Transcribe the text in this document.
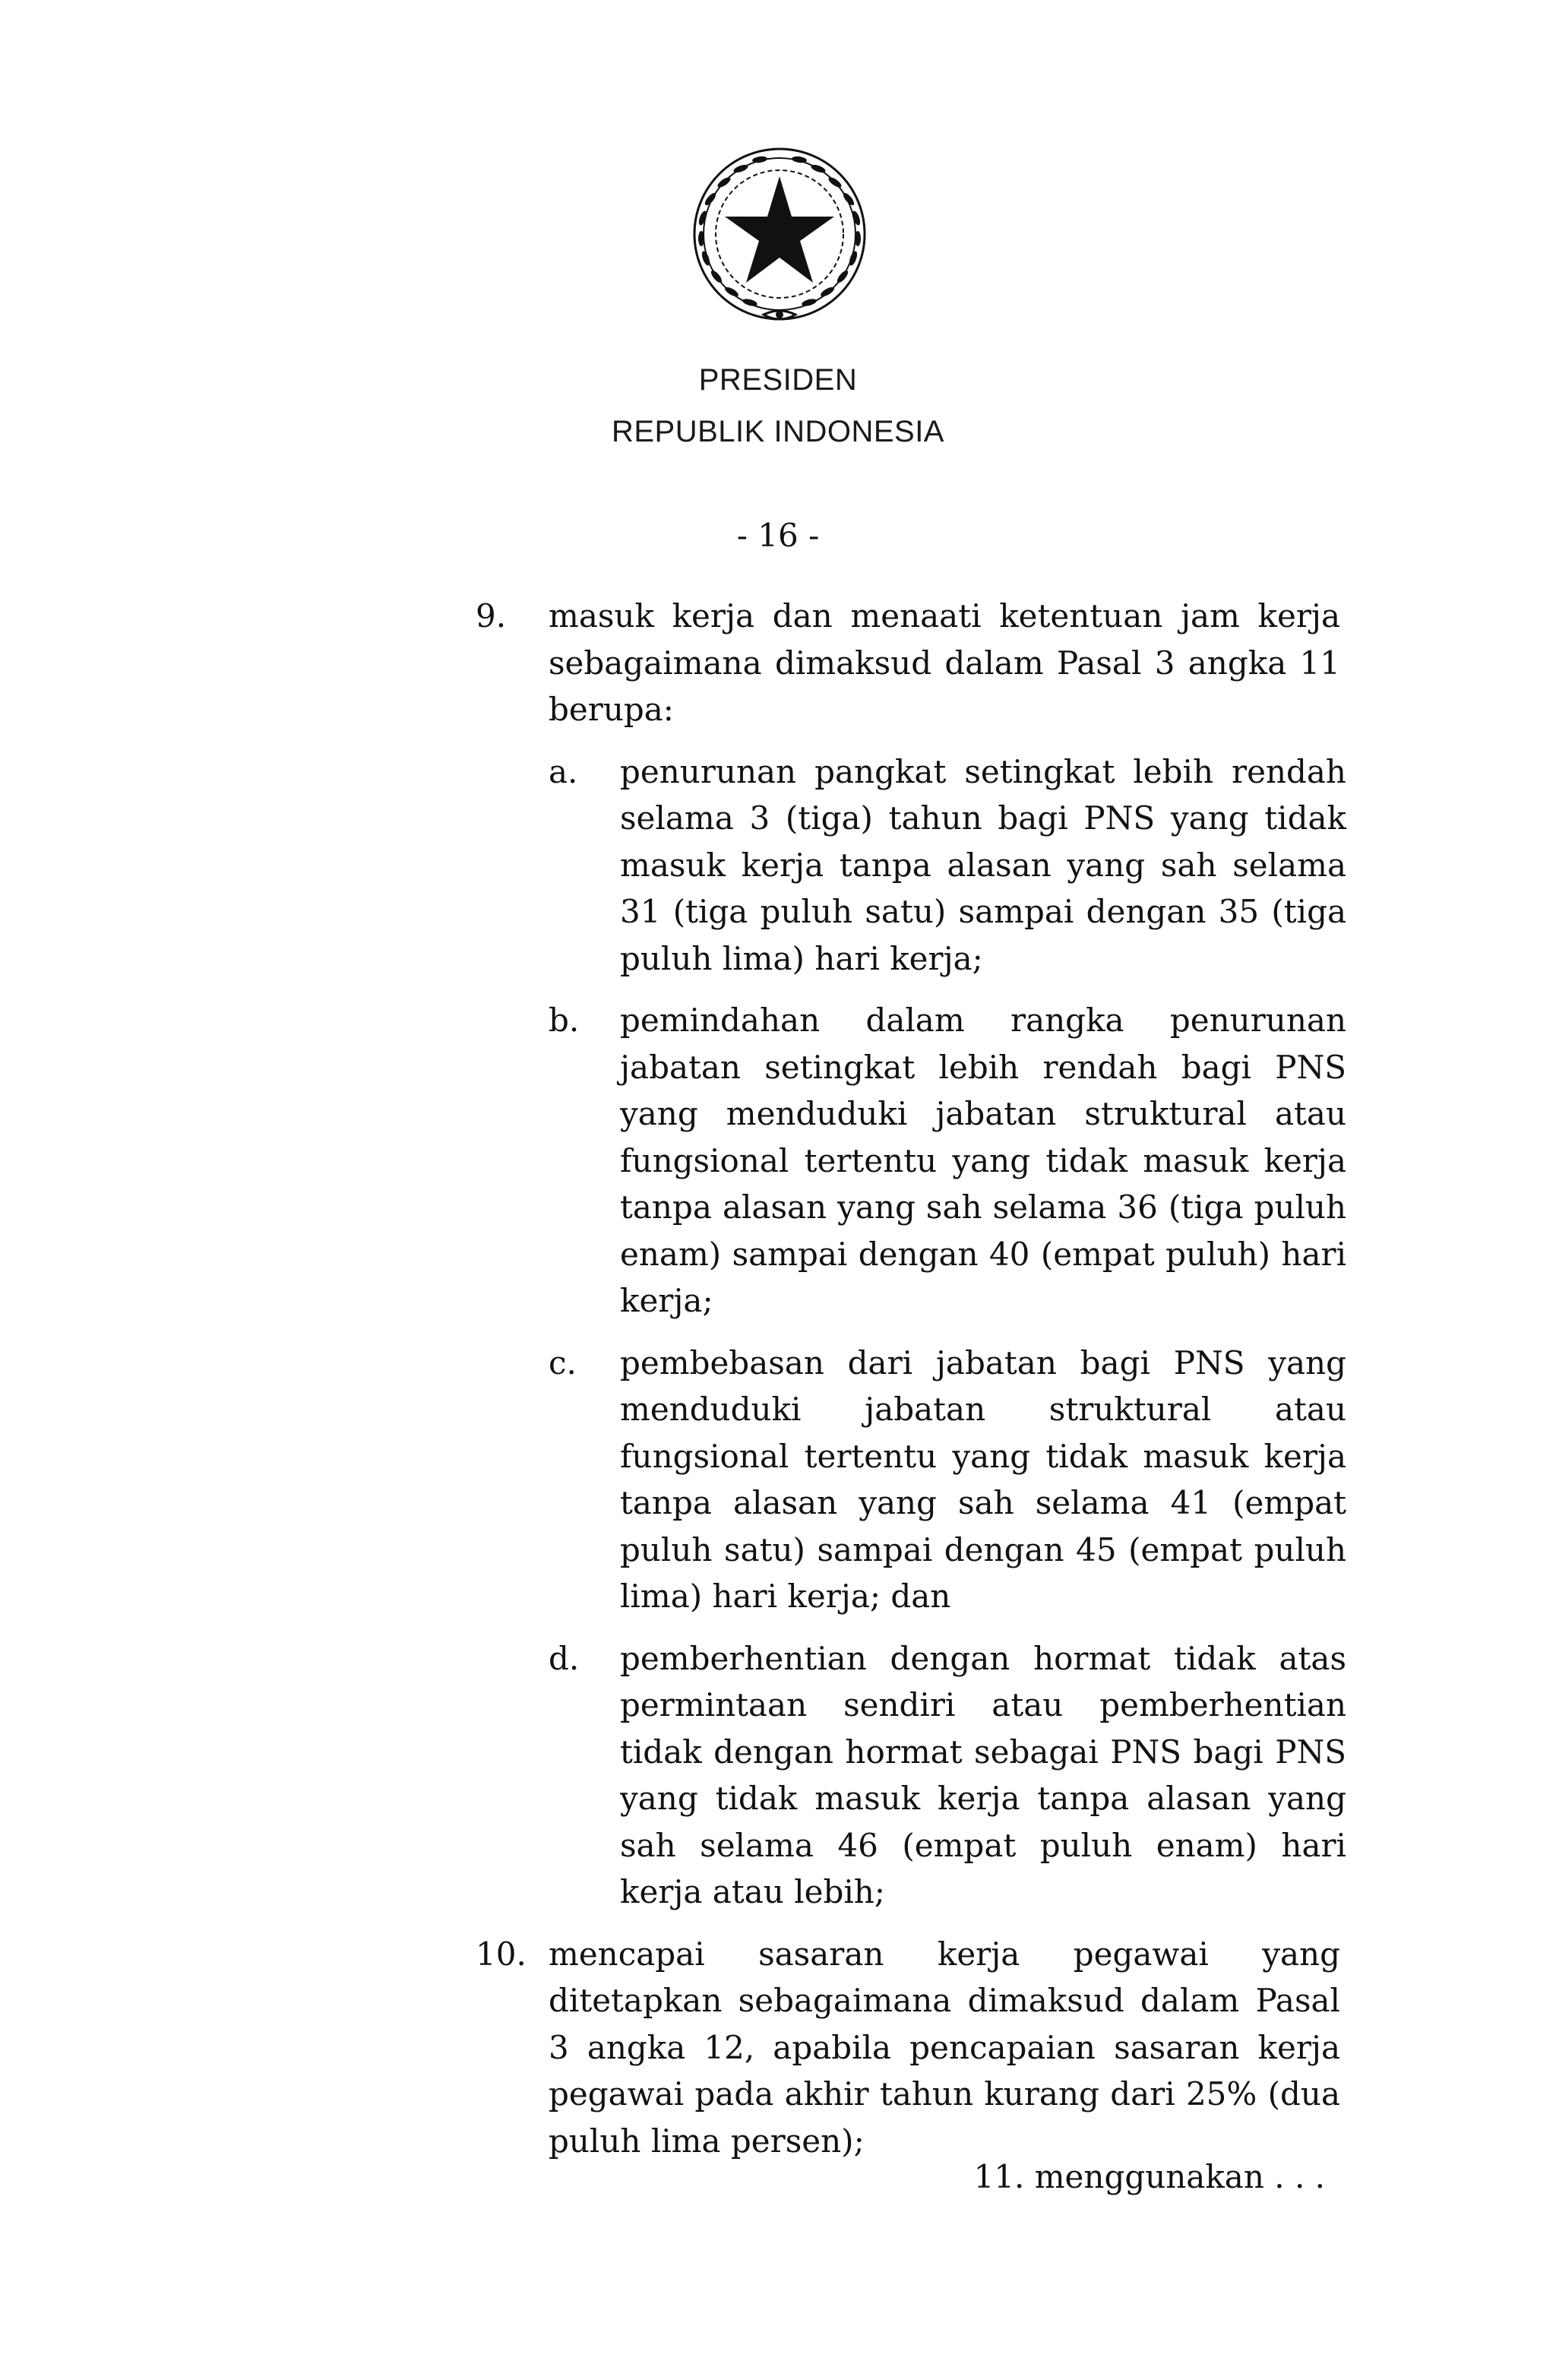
PRESIDEN
REPUBLIK INDONESIA
- 16 -
9. masuk kerja dan menaati ketentuan jam kerja sebagaimana dimaksud dalam Pasal 3 angka 11 berupa:
a. penurunan pangkat setingkat lebih rendah selama 3 (tiga) tahun bagi PNS yang tidak masuk kerja tanpa alasan yang sah selama 31 (tiga puluh satu) sampai dengan 35 (tiga puluh lima) hari kerja;
b. pemindahan dalam rangka penurunan jabatan setingkat lebih rendah bagi PNS yang menduduki jabatan struktural atau fungsional tertentu yang tidak masuk kerja tanpa alasan yang sah selama 36 (tiga puluh enam) sampai dengan 40 (empat puluh) hari kerja;
c. pembebasan dari jabatan bagi PNS yang menduduki jabatan struktural atau fungsional tertentu yang tidak masuk kerja tanpa alasan yang sah selama 41 (empat puluh satu) sampai dengan 45 (empat puluh lima) hari kerja; dan
d. pemberhentian dengan hormat tidak atas permintaan sendiri atau pemberhentian tidak dengan hormat sebagai PNS bagi PNS yang tidak masuk kerja tanpa alasan yang sah selama 46 (empat puluh enam) hari kerja atau lebih;
10. mencapai sasaran kerja pegawai yang ditetapkan sebagaimana dimaksud dalam Pasal 3 angka 12, apabila pencapaian sasaran kerja pegawai pada akhir tahun kurang dari 25% (dua puluh lima persen);
11. menggunakan . . .
